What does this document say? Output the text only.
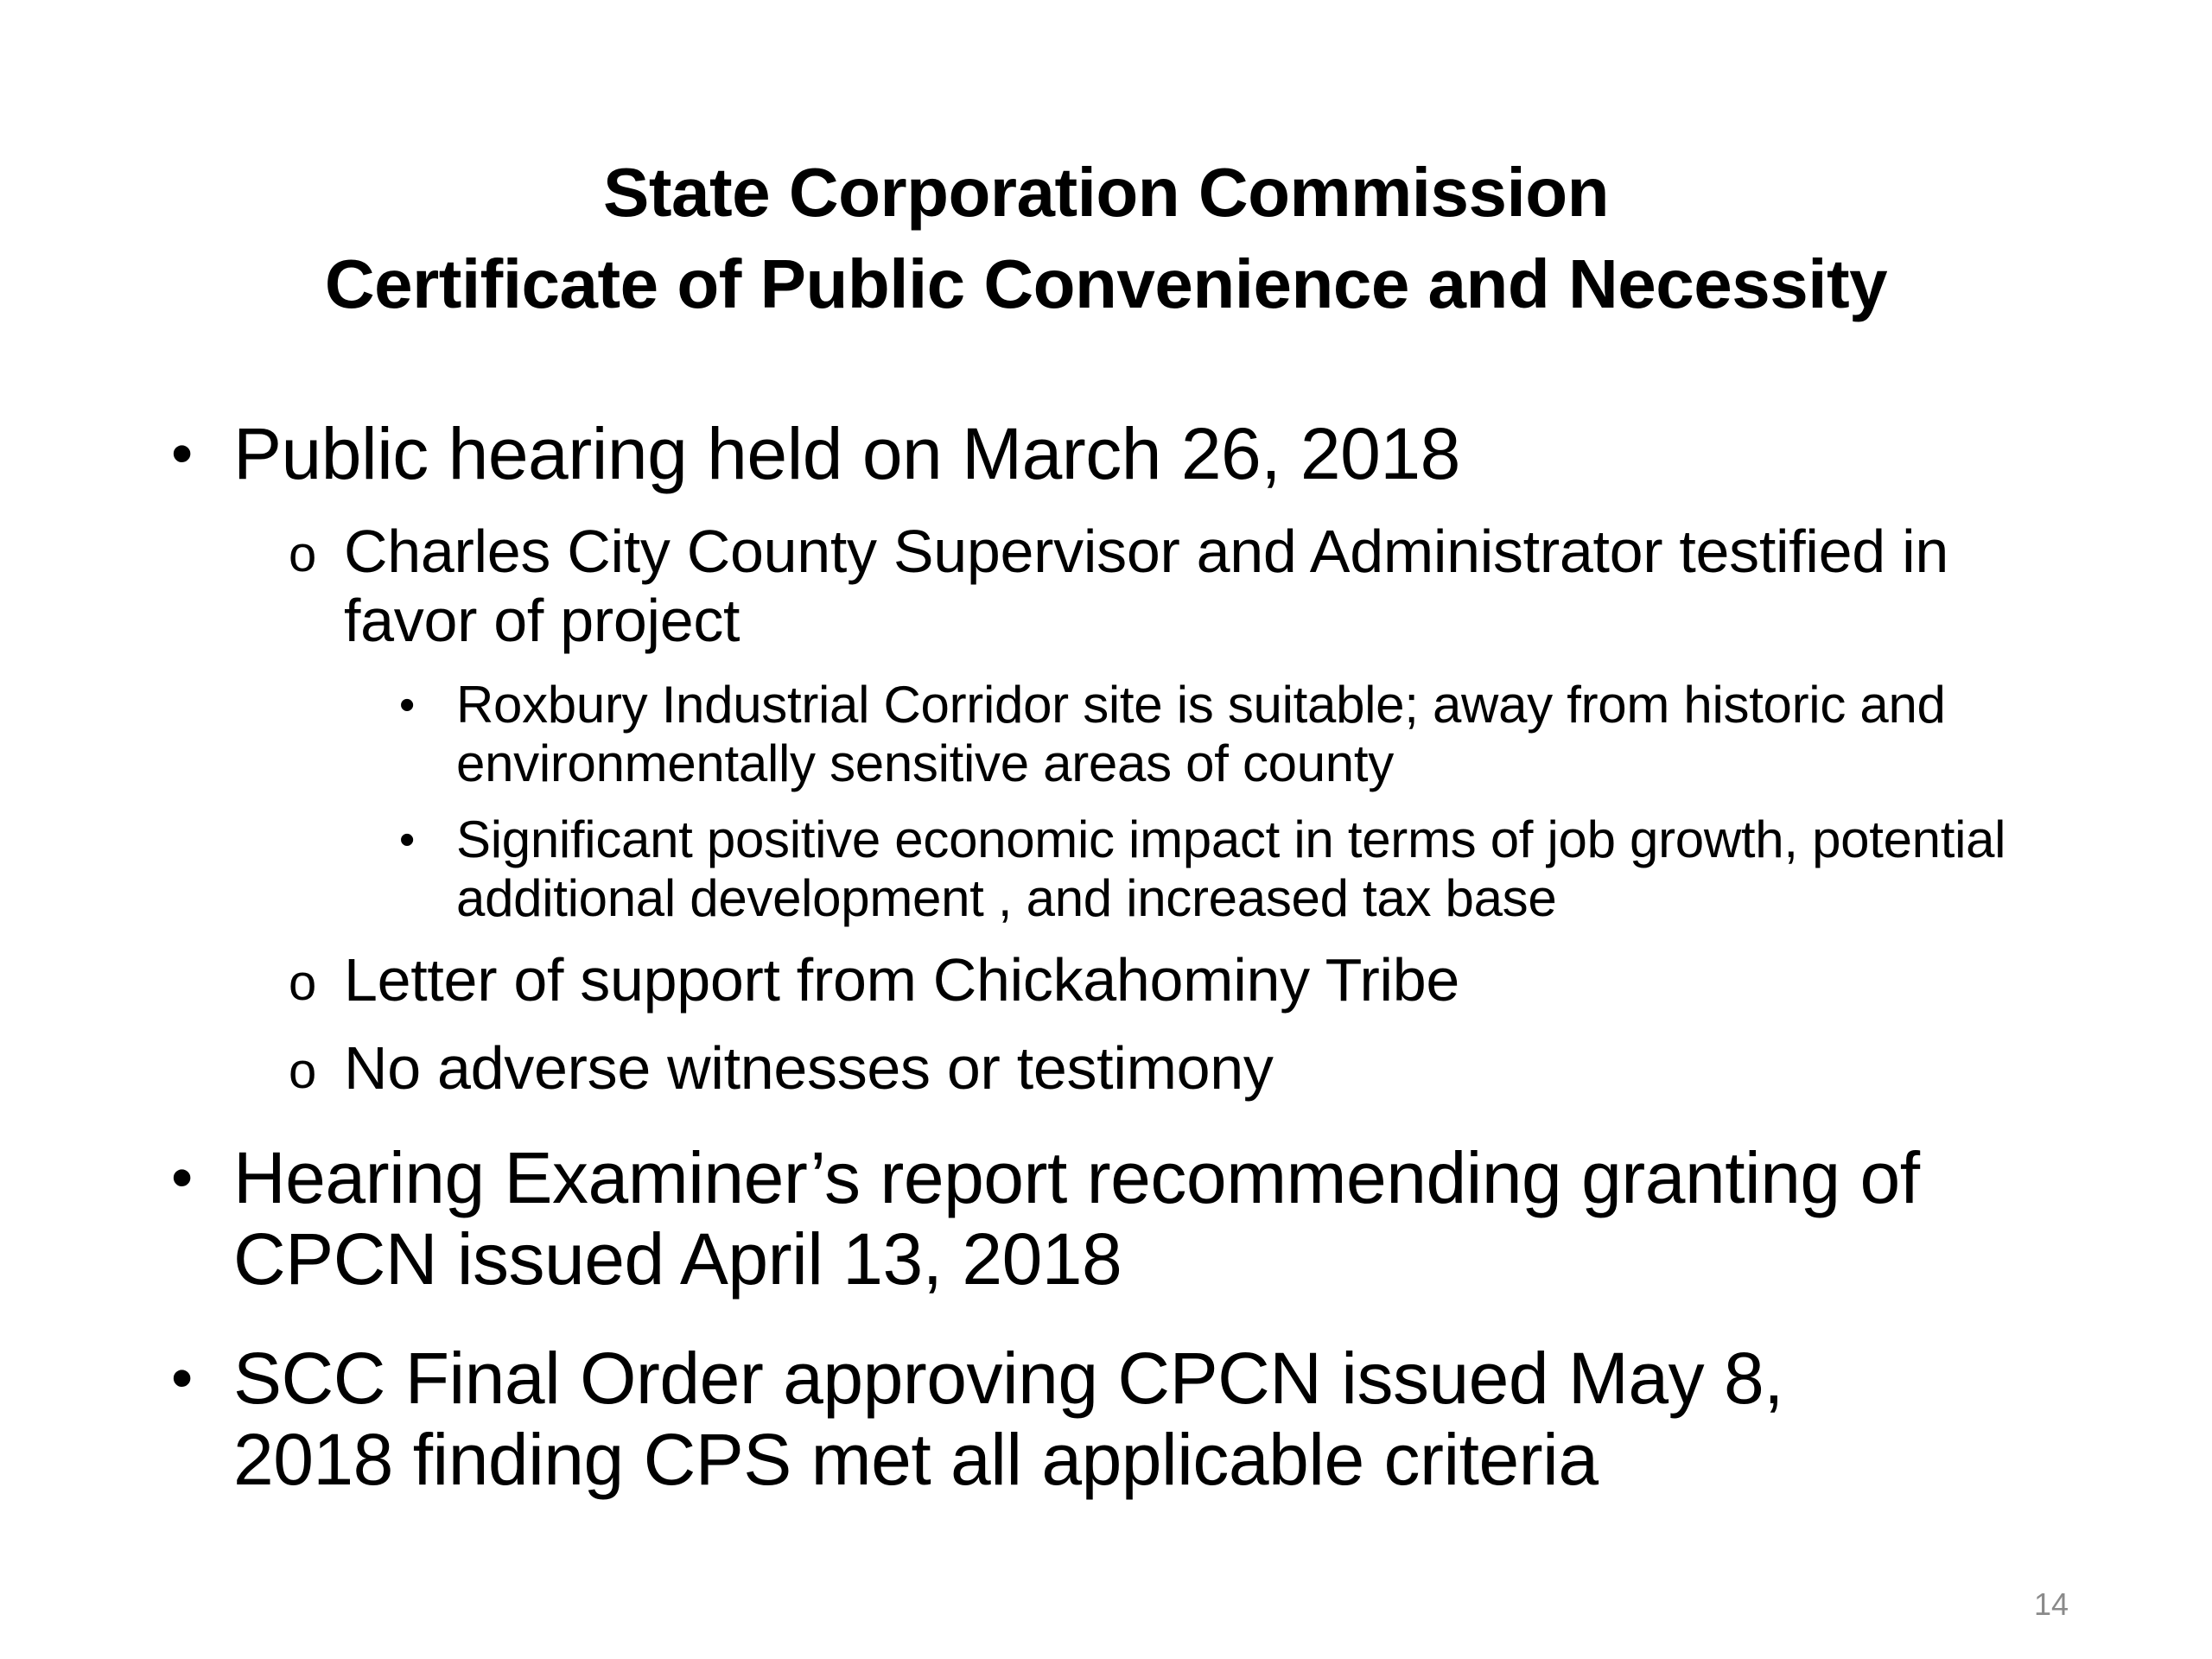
State Corporation Commission
Certificate of Public Convenience and Necessity
• Public hearing held on March 26, 2018
o Charles City County Supervisor and Administrator testified in favor of project
• Roxbury Industrial Corridor site is suitable; away from historic and environmentally sensitive areas of county
• Significant positive economic impact in terms of job growth, potential additional development , and increased tax base
o Letter of support from Chickahominy Tribe
o No adverse witnesses or testimony
• Hearing Examiner’s report recommending granting of CPCN issued April 13, 2018
• SCC Final Order approving CPCN issued May 8, 2018 finding CPS met all applicable criteria
14
